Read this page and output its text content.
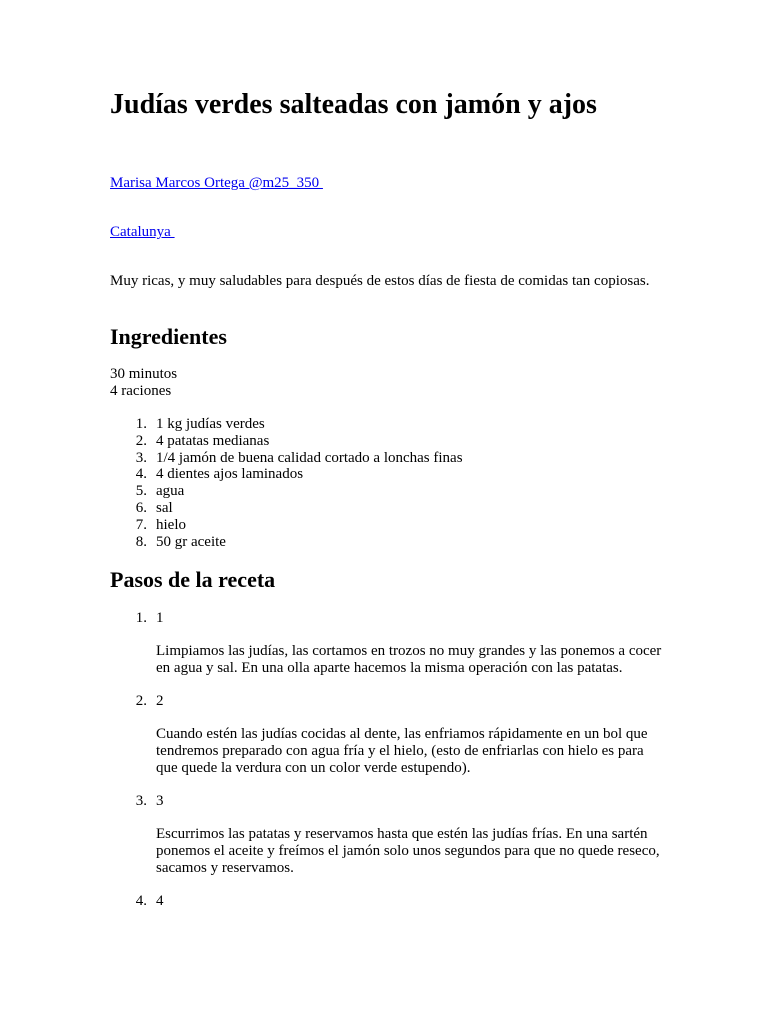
Judías verdes salteadas con jamón y ajos
Marisa Marcos Ortega @m25_350
Catalunya

Muy ricas, y muy saludables para después de estos días de fiesta de comidas tan copiosas.

Ingredientes
30 minutos
4 raciones
1. 1 kg judías verdes
2. 4 patatas medianas
3. 1/4 jamón de buena calidad cortado a lonchas finas
4. 4 dientes ajos laminados
5. agua
6. sal
7. hielo
8. 50 gr aceite
Pasos de la receta
1. 1
Limpiamos las judías, las cortamos en trozos no muy grandes y las ponemos a cocer en agua y sal. En una olla aparte hacemos la misma operación con las patatas.
2. 2
Cuando estén las judías cocidas al dente, las enfriamos rápidamente en un bol que tendremos preparado con agua fría y el hielo, (esto de enfriarlas con hielo es para que quede la verdura con un color verde estupendo).
3. 3
Escurrimos las patatas y reservamos hasta que estén las judías frías. En una sartén ponemos el aceite y freímos el jamón solo unos segundos para que no quede reseco, sacamos y reservamos.
4. 4
